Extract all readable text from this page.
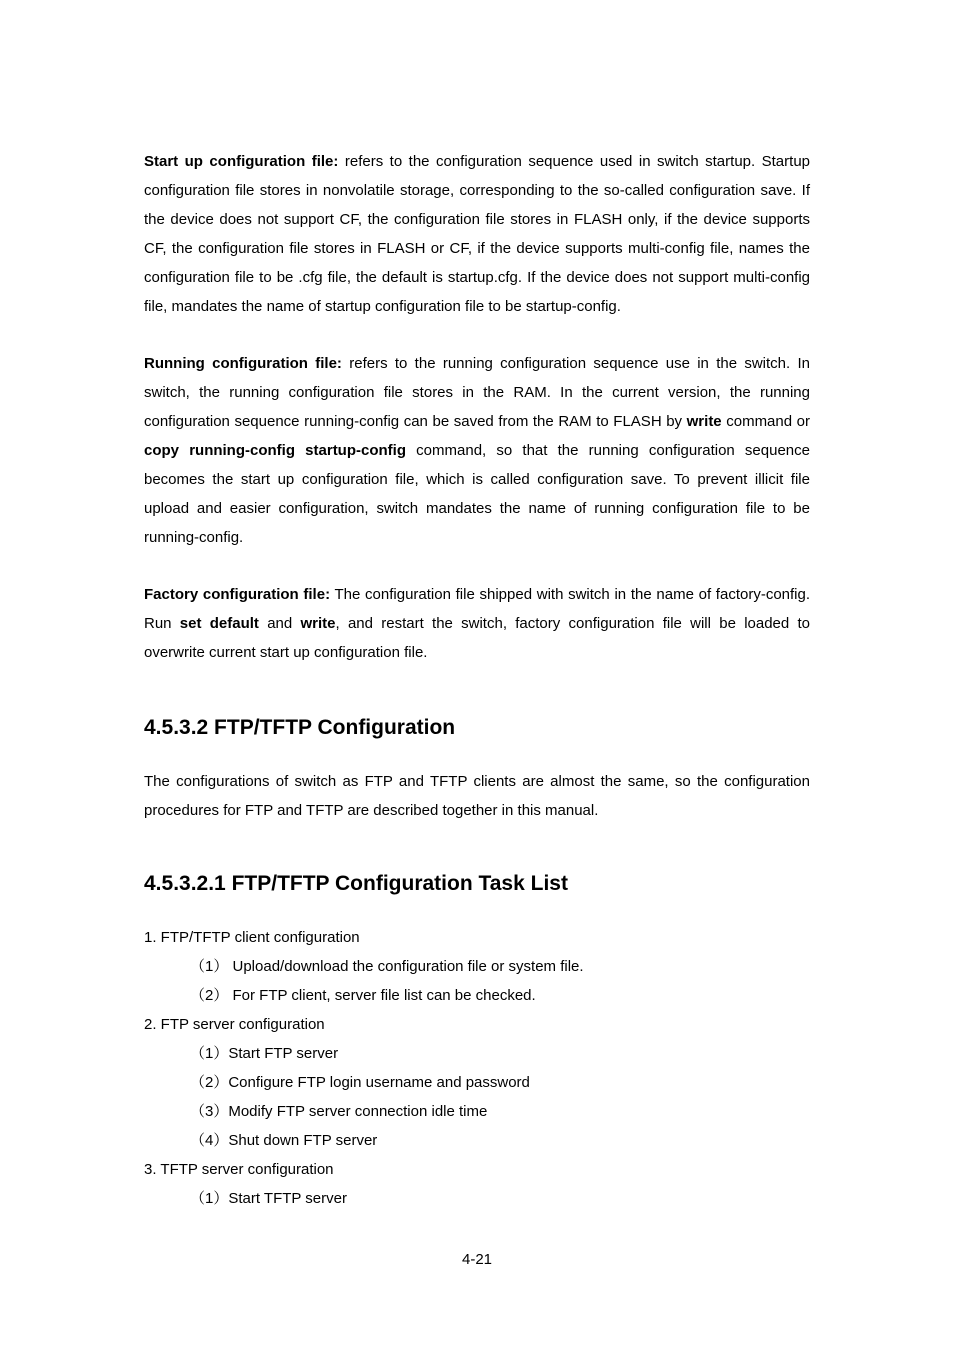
Start up configuration file: refers to the configuration sequence used in switch startup. Startup configuration file stores in nonvolatile storage, corresponding to the so-called configuration save. If the device does not support CF, the configuration file stores in FLASH only, if the device supports CF, the configuration file stores in FLASH or CF, if the device supports multi-config file, names the configuration file to be .cfg file, the default is startup.cfg. If the device does not support multi-config file, mandates the name of startup configuration file to be startup-config.

Running configuration file: refers to the running configuration sequence use in the switch. In switch, the running configuration file stores in the RAM. In the current version, the running configuration sequence running-config can be saved from the RAM to FLASH by write command or copy running-config startup-config command, so that the running configuration sequence becomes the start up configuration file, which is called configuration save. To prevent illicit file upload and easier configuration, switch mandates the name of running configuration file to be running-config.

Factory configuration file: The configuration file shipped with switch in the name of factory-config. Run set default and write, and restart the switch, factory configuration file will be loaded to overwrite current start up configuration file.

4.5.3.2 FTP/TFTP Configuration

The configurations of switch as FTP and TFTP clients are almost the same, so the configuration procedures for FTP and TFTP are described together in this manual.

4.5.3.2.1 FTP/TFTP Configuration Task List
1. FTP/TFTP client configuration
（1） Upload/download the configuration file or system file.
（2） For FTP client, server file list can be checked.
2. FTP server configuration
（1）Start FTP server
（2）Configure FTP login username and password
（3）Modify FTP server connection idle time
（4）Shut down FTP server
3. TFTP server configuration
（1）Start TFTP server
4-21
